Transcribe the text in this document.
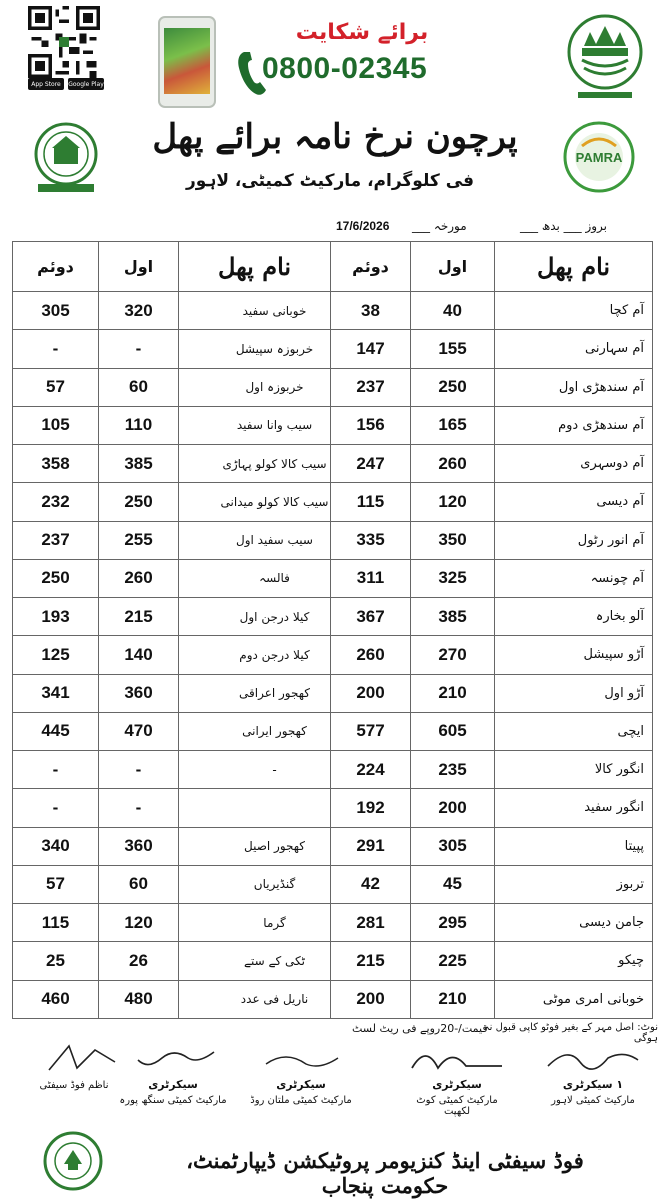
App Store	Google Play
برائے شکایت
0800-02345
PAMRA
پرچون نرخ نامہ برائے پھل
فی کلوگرام، مارکیٹ کمیٹی، لاہور
بروز ___ بدھ ___
مورخہ ___
17/6/2026
دوئم	اول	نام پھل	دوئم	اول	نام پھل
305	320	خوبانی سفید	38	40	آم کچا
-	-	خربوزہ سپیشل	147	155	آم سہارنی
57	60	خربوزہ اول	237	250	آم سندھڑی اول
105	110	سیب وانا سفید	156	165	آم سندھڑی دوم
358	385	سیب کالا کولو پہاڑی	247	260	آم دوسہری
232	250	سیب کالا کولو میدانی	115	120	آم دیسی
237	255	سیب سفید اول	335	350	آم انور رٹول
250	260	فالسہ	311	325	آم چونسہ
193	215	کیلا درجن اول	367	385	آلو بخارہ
125	140	کیلا درجن دوم	260	270	آڑو سپیشل
341	360	کھجور اعراقی	200	210	آڑو اول
445	470	کھجور ایرانی	577	605	ایچی
-	-	-	224	235	انگور کالا
-	-		192	200	انگور سفید
340	360	کھجور اصیل	291	305	پپیتا
57	60	گنڈیریاں	42	45	تربوز
115	120	گرما	281	295	جامن دیسی
25	26	ٹکی کے ستے	215	225	چیکو
460	480	ناریل فی عدد	200	210	خوبانی امری موٹی
قیمت/-20روپے فی ریٹ لسٹ
نوٹ: اصل مہر کے بغیر فوٹو کاپی قبول نہ ہوگی
۱ سیکرٹری
مارکیٹ کمیٹی لاہور
سیکرٹری
مارکیٹ کمیٹی کوٹ لکھپت
سیکرٹری
مارکیٹ کمیٹی ملتان روڈ
سیکرٹری
مارکیٹ کمیٹی سنگھ پورہ
ناظم فوڈ سیفٹی
فوڈ سیفٹی اینڈ کنزیومر پروٹیکشن ڈیپارٹمنٹ، حکومت پنجاب
